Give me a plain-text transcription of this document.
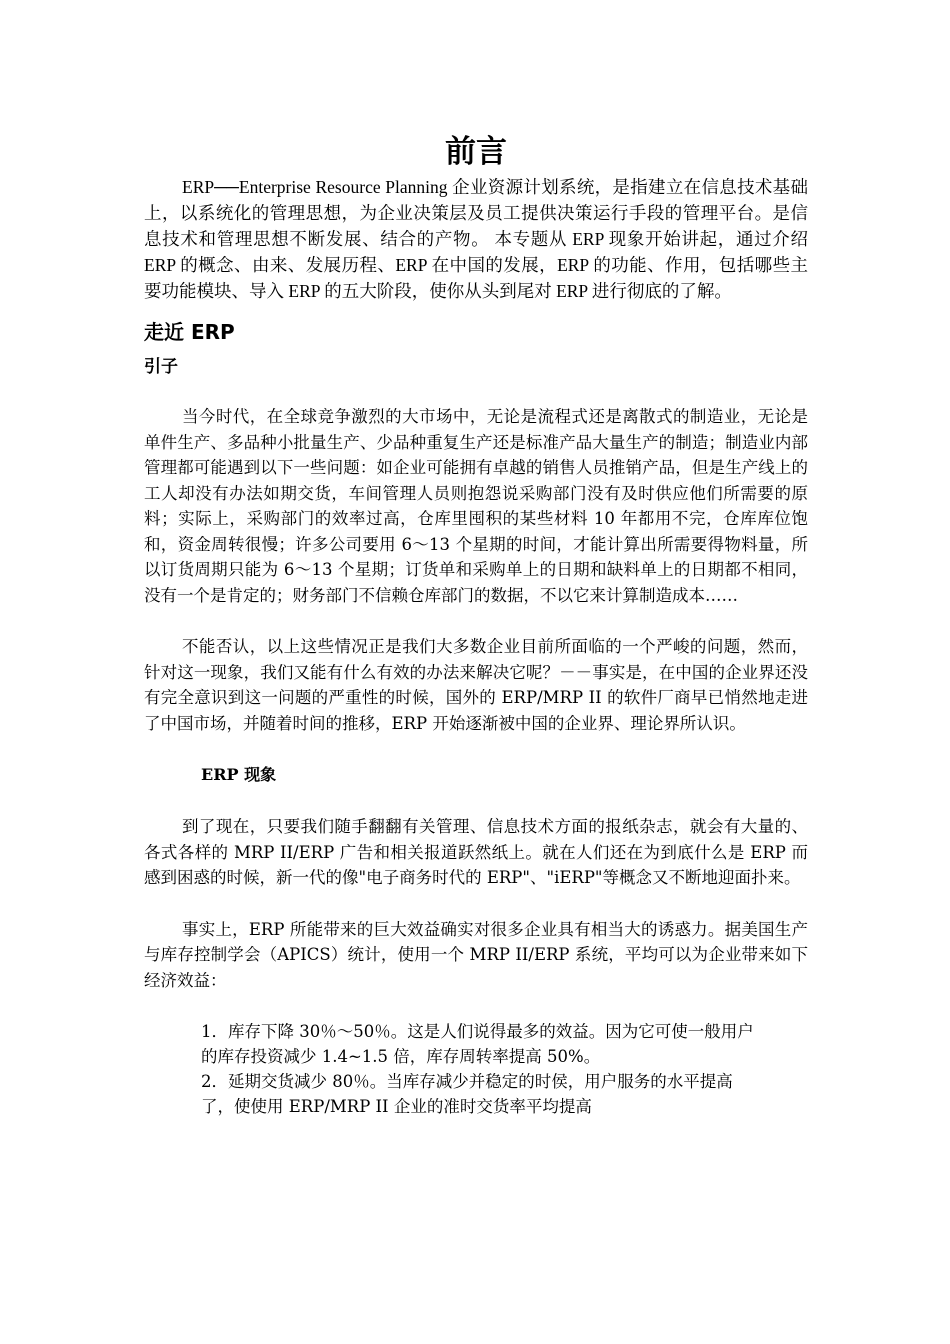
前言

ERP──Enterprise Resource Planning 企业资源计划系统，是指建立在信息技术基础上，以系统化的管理思想，为企业决策层及员工提供决策运行手段的管理平台。是信息技术和管理思想不断发展、结合的产物。 本专题从 ERP 现象开始讲起，通过介绍 ERP 的概念、由来、发展历程、ERP 在中国的发展，ERP 的功能、作用，包括哪些主要功能模块、导入 ERP 的五大阶段，使你从头到尾对 ERP 进行彻底的了解。

走近 ERP
引子

当今时代，在全球竞争激烈的大市场中，无论是流程式还是离散式的制造业，无论是单件生产、多品种小批量生产、少品种重复生产还是标准产品大量生产的制造；制造业内部管理都可能遇到以下一些问题：如企业可能拥有卓越的销售人员推销产品，但是生产线上的工人却没有办法如期交货，车间管理人员则抱怨说采购部门没有及时供应他们所需要的原料；实际上，采购部门的效率过高，仓库里囤积的某些材料 10 年都用不完，仓库库位饱和，资金周转很慢；许多公司要用 6～13 个星期的时间，才能计算出所需要得物料量，所以订货周期只能为 6～13 个星期；订货单和采购单上的日期和缺料单上的日期都不相同，没有一个是肯定的；财务部门不信赖仓库部门的数据，不以它来计算制造成本……

不能否认，以上这些情况正是我们大多数企业目前所面临的一个严峻的问题，然而，针对这一现象，我们又能有什么有效的办法来解决它呢？－－事实是，在中国的企业界还没有完全意识到这一问题的严重性的时候，国外的 ERP/MRP II 的软件厂商早已悄然地走进了中国市场，并随着时间的推移，ERP 开始逐渐被中国的企业界、理论界所认识。

ERP 现象

到了现在，只要我们随手翻翻有关管理、信息技术方面的报纸杂志，就会有大量的、各式各样的 MRP II/ERP 广告和相关报道跃然纸上。就在人们还在为到底什么是 ERP 而感到困惑的时候，新一代的像"电子商务时代的 ERP"、"iERP"等概念又不断地迎面扑来。

事实上，ERP 所能带来的巨大效益确实对很多企业具有相当大的诱惑力。据美国生产与库存控制学会（APICS）统计，使用一个 MRP II/ERP 系统，平均可以为企业带来如下经济效益：

1．库存下降 30％～50％。这是人们说得最多的效益。因为它可使一般用户的库存投资减少 1.4~1.5 倍，库存周转率提高 50%。

2．延期交货减少 80％。当库存减少并稳定的时侯，用户服务的水平提高了，使使用 ERP/MRP II 企业的准时交货率平均提高
